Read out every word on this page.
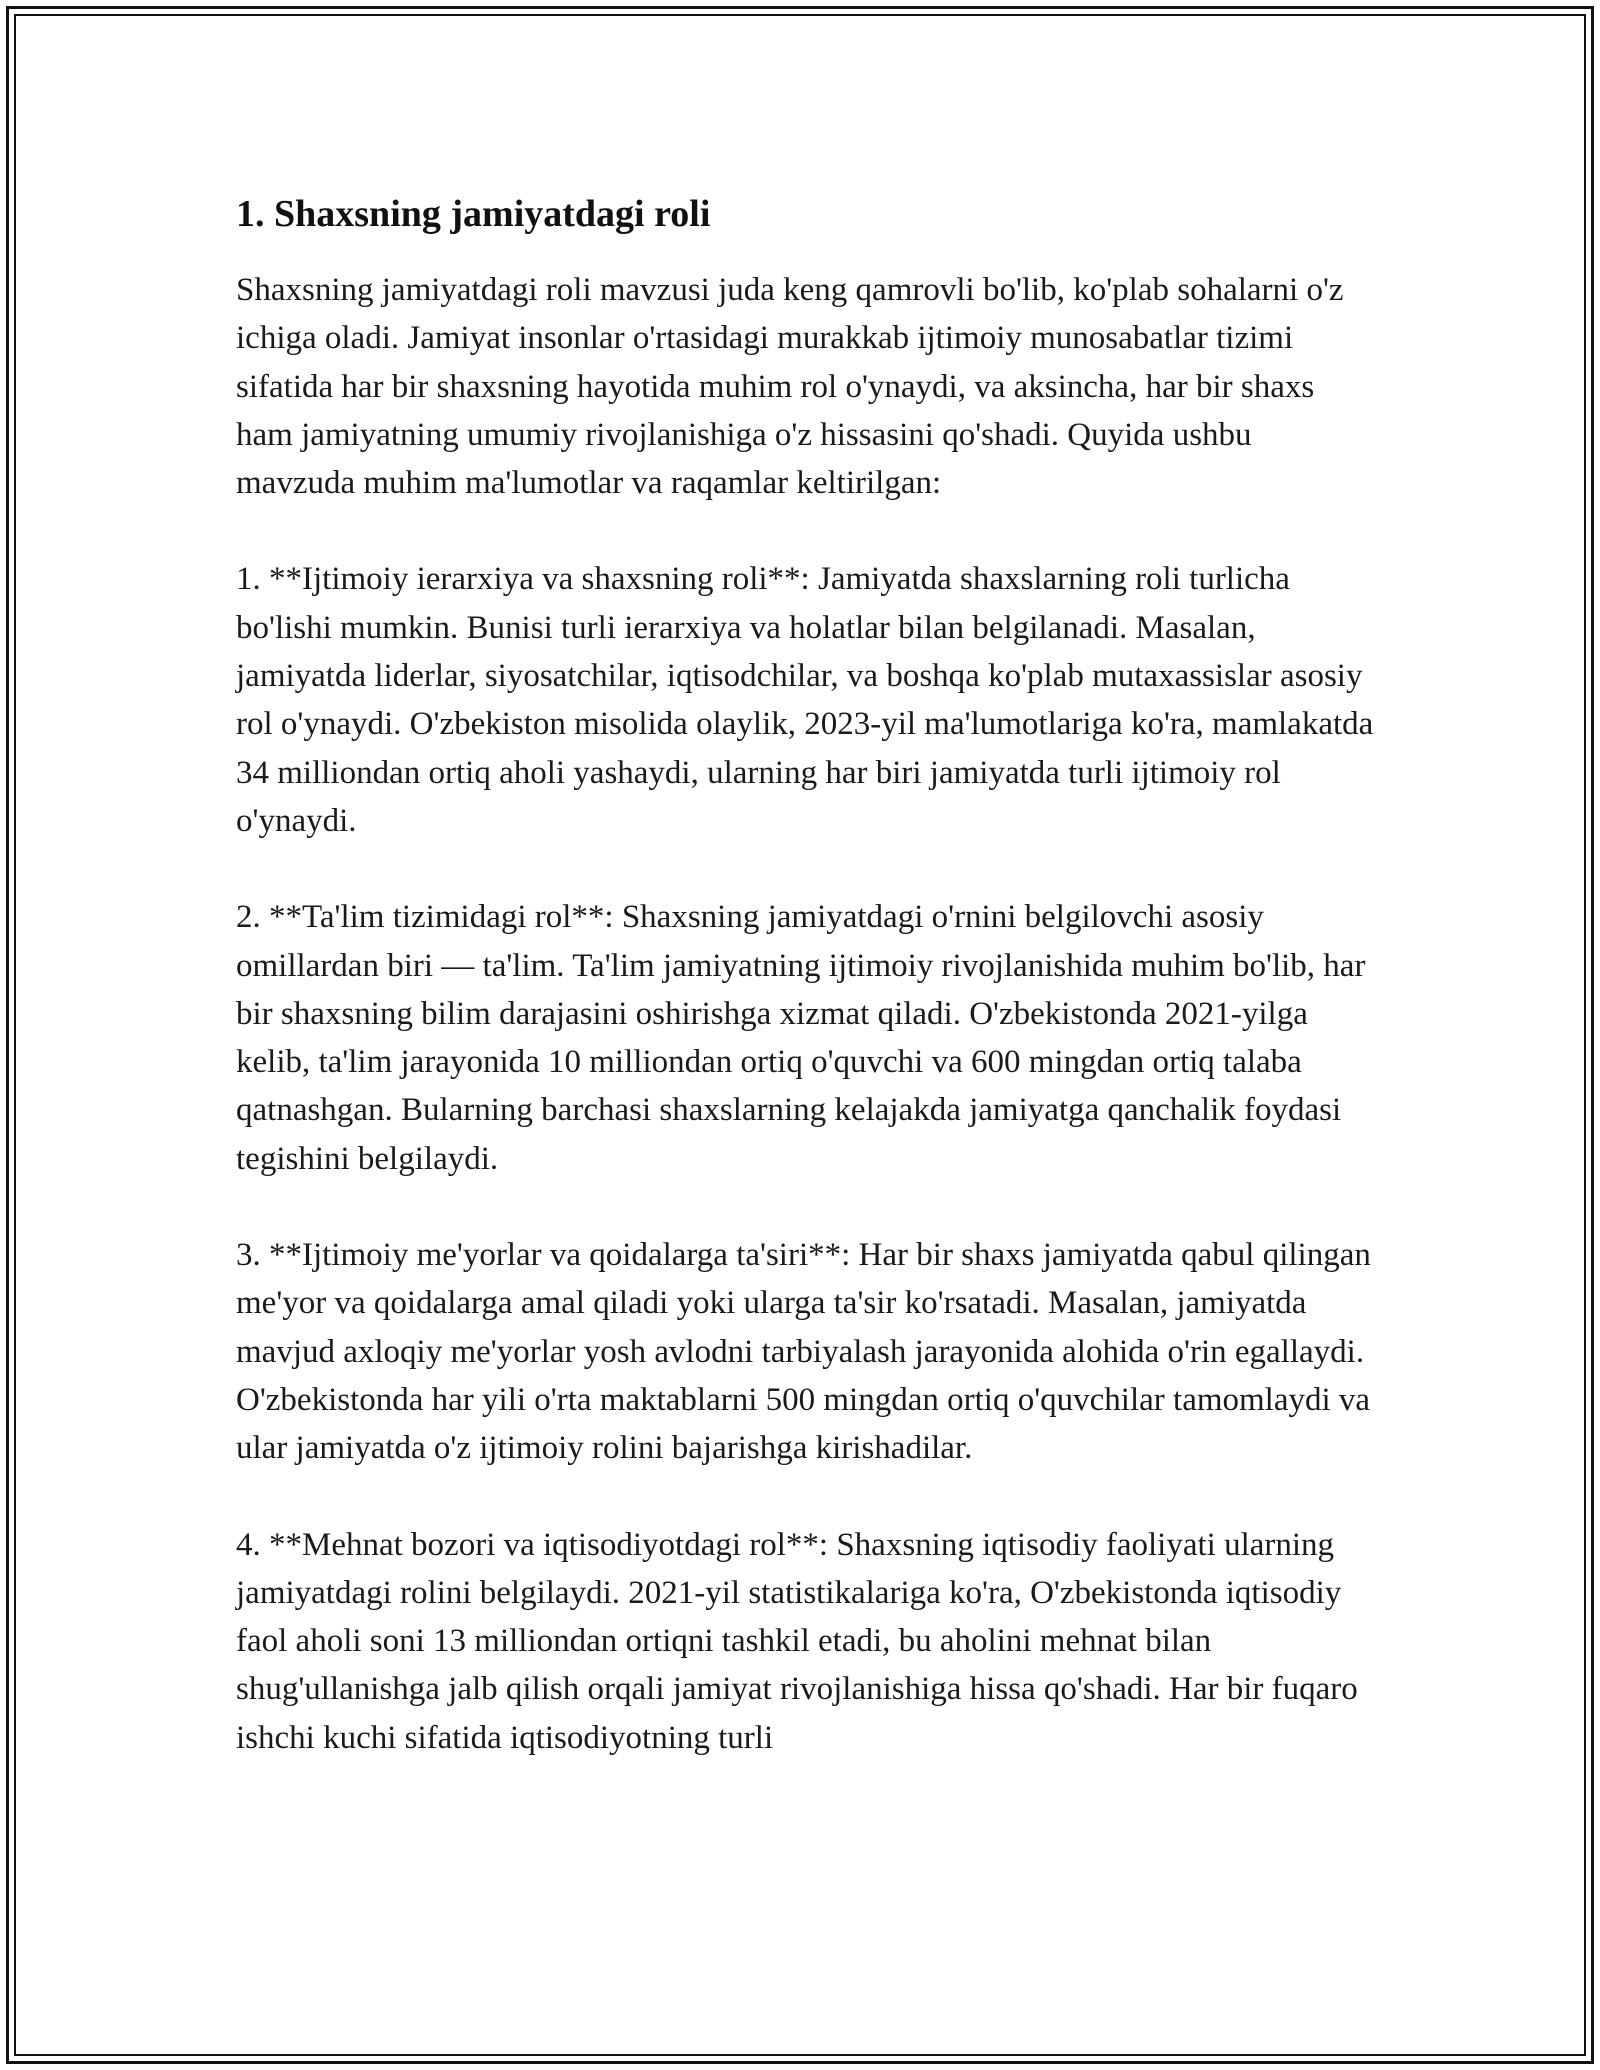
1. Shaxsning jamiyatdagi roli

Shaxsning jamiyatdagi roli mavzusi juda keng qamrovli bo'lib, ko'plab sohalarni o'z ichiga oladi. Jamiyat insonlar o'rtasidagi murakkab ijtimoiy munosabatlar tizimi sifatida har bir shaxsning hayotida muhim rol o'ynaydi, va aksincha, har bir shaxs ham jamiyatning umumiy rivojlanishiga o'z hissasini qo'shadi. Quyida ushbu mavzuda muhim ma'lumotlar va raqamlar keltirilgan:

1. **Ijtimoiy ierarxiya va shaxsning roli**: Jamiyatda shaxslarning roli turlicha bo'lishi mumkin. Bunisi turli ierarxiya va holatlar bilan belgilanadi. Masalan, jamiyatda liderlar, siyosatchilar, iqtisodchilar, va boshqa ko'plab mutaxassislar asosiy rol o'ynaydi. O'zbekiston misolida olaylik, 2023-yil ma'lumotlariga ko'ra, mamlakatda 34 milliondan ortiq aholi yashaydi, ularning har biri jamiyatda turli ijtimoiy rol o'ynaydi.

2. **Ta'lim tizimidagi rol**: Shaxsning jamiyatdagi o'rnini belgilovchi asosiy omillardan biri — ta'lim. Ta'lim jamiyatning ijtimoiy rivojlanishida muhim bo'lib, har bir shaxsning bilim darajasini oshirishga xizmat qiladi. O'zbekistonda 2021-yilga kelib, ta'lim jarayonida 10 milliondan ortiq o'quvchi va 600 mingdan ortiq talaba qatnashgan. Bularning barchasi shaxslarning kelajakda jamiyatga qanchalik foydasi tegishini belgilaydi.

3. **Ijtimoiy me'yorlar va qoidalarga ta'siri**: Har bir shaxs jamiyatda qabul qilingan me'yor va qoidalarga amal qiladi yoki ularga ta'sir ko'rsatadi. Masalan, jamiyatda mavjud axloqiy me'yorlar yosh avlodni tarbiyalash jarayonida alohida o'rin egallaydi. O'zbekistonda har yili o'rta maktablarni 500 mingdan ortiq o'quvchilar tamomlaydi va ular jamiyatda o'z ijtimoiy rolini bajarishga kirishadilar.

4. **Mehnat bozori va iqtisodiyotdagi rol**: Shaxsning iqtisodiy faoliyati ularning jamiyatdagi rolini belgilaydi. 2021-yil statistikalariga ko'ra, O'zbekistonda iqtisodiy faol aholi soni 13 milliondan ortiqni tashkil etadi, bu aholini mehnat bilan shug'ullanishga jalb qilish orqali jamiyat rivojlanishiga hissa qo'shadi. Har bir fuqaro ishchi kuchi sifatida iqtisodiyotning turli
